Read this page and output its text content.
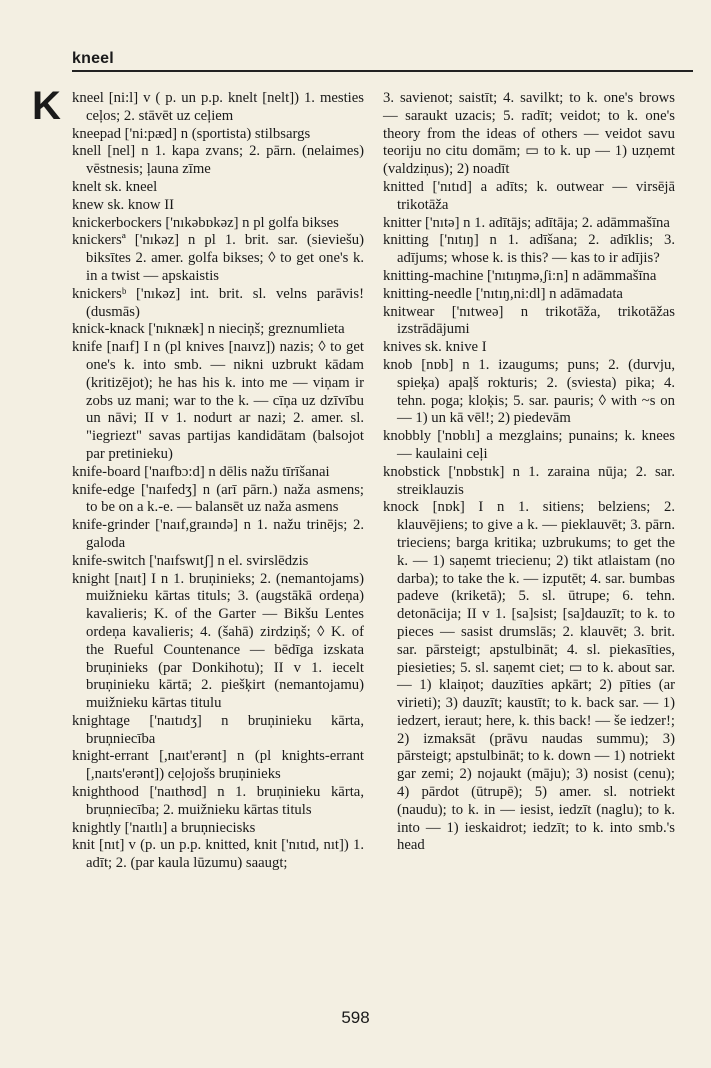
kneel
K kneel [ni:l] v ( p. un p.p. knelt [nelt]) 1. mesties ceļos; 2. stāvēt uz ceļiem

kneepad ['ni:pæd] n (sportista) stilbsargs

knell [nel] n 1. kapa zvans; 2. pārn. (nelaimes) vēstnesis; ļauna zīme

knelt sk. kneel

knew sk. know II

knickerbockers ['nıkəbɒkəz] n pl golfa bikses

knickersª ['nıkəz] n pl 1. brit. sar. (sieviešu) biksītes 2. amer. golfa bikses; ◊ to get one's k. in a twist — apskaistis

knickersᵇ ['nıkəz] int. brit. sl. velns parāvis! (dusmās)

knick-knack ['nıknæk] n nieciņš; greznumlieta

knife [naıf] I n (pl knives [naıvz]) nazis; ◊ to get one's k. into smb. — nikni uzbrukt kādam (kritizējot); he has his k. into me — viņam ir zobs uz mani; war to the k. — cīņa uz dzīvību un nāvi; II v 1. nodurt ar nazi; 2. amer. sl. "iegriezt" savas partijas kandidātam (balsojot par pretinieku)

knife-board ['naıfbɔ:d] n dēlis nažu tīrīšanai

knife-edge ['naıfedʒ] n (arī pārn.) naža asmens; to be on a k.-e. — balansēt uz naža asmens

knife-grinder ['naıf,graındə] n 1. nažu trinējs; 2. galoda

knife-switch ['naıfswıtʃ] n el. svirslēdzis

knight [naıt] I n 1. bruņinieks; 2. (nemantojams) muižnieku kārtas tituls; 3. (augstākā ordeņa) kavalieris; K. of the Garter — Bikšu Lentes ordeņa kavalieris; 4. (šahā) zirdziņš; ◊ K. of the Rueful Countenance — bēdīga izskata bruņinieks (par Donkihotu); II v 1. iecelt bruņinieku kārtā; 2. piešķirt (nemantojamu) muižnieku kārtas titulu

knightage ['naıtıdʒ] n bruņinieku kārta, bruņniecība

knight-errant [,naıt'erənt] n (pl knights-errant [,naıts'erənt]) ceļojošs bruņinieks

knighthood ['naıthʊd] n 1. bruņinieku kārta, bruņniecība; 2. muižnieku kārtas tituls

knightly ['naıtlı] a bruņniecisks

knit [nıt] v (p. un p.p. knitted, knit ['nıtıd, nıt]) 1. adīt; 2. (par kaula lūzumu) saaugt;

3. savienot; saistīt; 4. savilkt; to k. one's brows — saraukt uzacis; 5. radīt; veidot; to k. one's theory from the ideas of others — veidot savu teoriju no citu domām; ▭ to k. up — 1) uzņemt (valdziņus); 2) noadīt

knitted ['nıtıd] a adīts; k. outwear — virsējā trikotāža

knitter ['nıtə] n 1. adītājs; adītāja; 2. adāmmašīna

knitting ['nıtıŋ] n 1. adīšana; 2. adīklis; 3. adījums; whose k. is this? — kas to ir adījis?

knitting-machine ['nıtıŋmə,ʃi:n] n adāmmašīna

knitting-needle ['nıtıŋ,ni:dl] n adāmadata

knitwear ['nıtweə] n trikotāža, trikotāžas izstrādājumi

knives sk. knive I

knob [nɒb] n 1. izaugums; puns; 2. (durvju, spieķa) apaļš rokturis; 2. (sviesta) pika; 4. tehn. poga; kloķis; 5. sar. pauris; ◊ with ~s on — 1) un kā vēl!; 2) piedevām

knobbly ['nɒblı] a mezglains; punains; k. knees — kaulaini ceļi

knobstick ['nɒbstık] n 1. zaraina nūja; 2. sar. streiklauzis

knock [nɒk] I n 1. sitiens; belziens; 2. klauvējiens; to give a k. — pieklauvēt; 3. pārn. trieciens; barga kritika; uzbrukums; to get the k. — 1) saņemt triecienu; 2) tikt atlaistam (no darba); to take the k. — izputēt; 4. sar. bumbas padeve (kriketā); 5. sl. ūtrupe; 6. tehn. detonācija; II v 1. [sa]sist; [sa]dauzīt; to k. to pieces — sasist drumslās; 2. klauvēt; 3. brit. sar. pārsteigt; apstulbināt; 4. sl. piekasīties, piesieties; 5. sl. saņemt ciet; ▭ to k. about sar. — 1) klaiņot; dauzīties apkārt; 2) pīties (ar virieti); 3) dauzīt; kaustīt; to k. back sar. — 1) iedzert, ieraut; here, k. this back! — še iedzer!; 2) izmaksāt (prāvu naudas summu); 3) pārsteigt; apstulbināt; to k. down — 1) notriekt gar zemi; 2) nojaukt (māju); 3) nosist (cenu); 4) pārdot (ūtrupē); 5) amer. sl. notriekt (naudu); to k. in — iesist, iedzīt (naglu); to k. into — 1) ieskaidrot; iedzīt; to k. into smb.'s head

598
